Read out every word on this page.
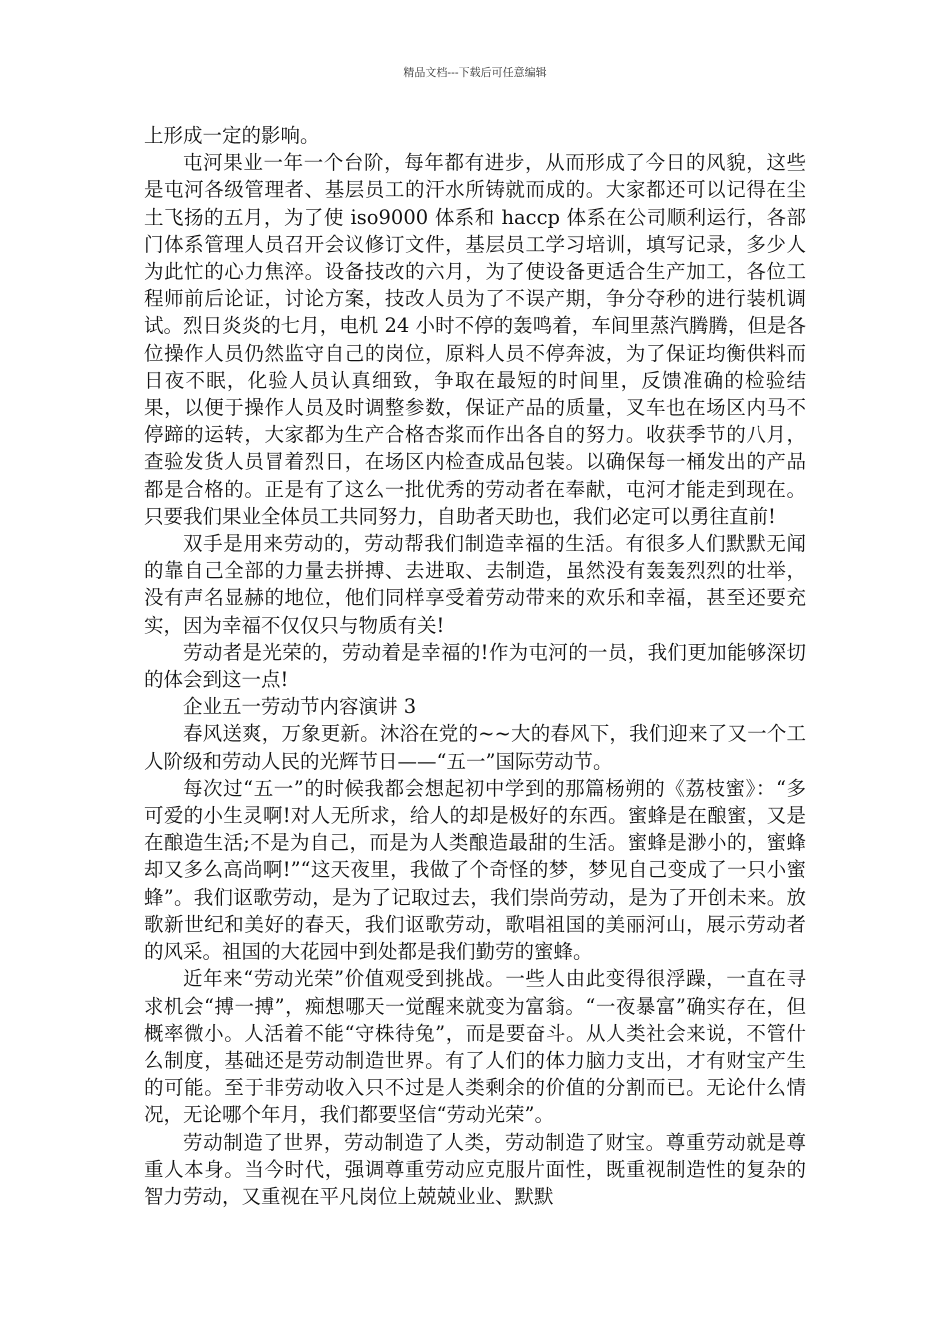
精品文档---下载后可任意编辑

上形成一定的影响。

屯河果业一年一个台阶，每年都有进步，从而形成了今日的风貌，这些是屯河各级管理者、基层员工的汗水所铸就而成的。大家都还可以记得在尘土飞扬的五月，为了使 iso9000 体系和 haccp 体系在公司顺利运行，各部门体系管理人员召开会议修订文件，基层员工学习培训，填写记录，多少人为此忙的心力焦淬。设备技改的六月，为了使设备更适合生产加工，各位工程师前后论证，讨论方案，技改人员为了不误产期，争分夺秒的进行装机调试。烈日炎炎的七月，电机 24 小时不停的轰鸣着，车间里蒸汽腾腾，但是各位操作人员仍然监守自己的岗位，原料人员不停奔波，为了保证均衡供料而日夜不眠，化验人员认真细致，争取在最短的时间里，反馈准确的检验结果，以便于操作人员及时调整参数，保证产品的质量，叉车也在场区内马不停蹄的运转，大家都为生产合格杏浆而作出各自的努力。收获季节的八月，查验发货人员冒着烈日，在场区内检查成品包装。以确保每一桶发出的产品都是合格的。正是有了这么一批优秀的劳动者在奉献，屯河才能走到现在。只要我们果业全体员工共同努力，自助者天助也，我们必定可以勇往直前!

双手是用来劳动的，劳动帮我们制造幸福的生活。有很多人们默默无闻的靠自己全部的力量去拼搏、去进取、去制造，虽然没有轰轰烈烈的壮举，没有声名显赫的地位，他们同样享受着劳动带来的欢乐和幸福，甚至还要充实，因为幸福不仅仅只与物质有关!

劳动者是光荣的，劳动着是幸福的!作为屯河的一员，我们更加能够深切的体会到这一点!

企业五一劳动节内容演讲 3

春风送爽，万象更新。沐浴在党的~~大的春风下，我们迎来了又一个工人阶级和劳动人民的光辉节日——“五一”国际劳动节。

每次过“五一”的时候我都会想起初中学到的那篇杨朔的《荔枝蜜》：“多可爱的小生灵啊!对人无所求，给人的却是极好的东西。蜜蜂是在酿蜜，又是在酿造生活;不是为自己，而是为人类酿造最甜的生活。蜜蜂是渺小的，蜜蜂却又多么高尚啊!”“这天夜里，我做了个奇怪的梦，梦见自己变成了一只小蜜蜂”。我们讴歌劳动，是为了记取过去，我们崇尚劳动，是为了开创未来。放歌新世纪和美好的春天，我们讴歌劳动，歌唱祖国的美丽河山，展示劳动者的风采。祖国的大花园中到处都是我们勤劳的蜜蜂。

近年来“劳动光荣”价值观受到挑战。一些人由此变得很浮躁，一直在寻求机会“搏一搏”，痴想哪天一觉醒来就变为富翁。“一夜暴富”确实存在，但概率微小。人活着不能“守株待兔”，而是要奋斗。从人类社会来说，不管什么制度，基础还是劳动制造世界。有了人们的体力脑力支出，才有财宝产生的可能。至于非劳动收入只不过是人类剩余的价值的分割而已。无论什么情况，无论哪个年月，我们都要坚信“劳动光荣”。

劳动制造了世界，劳动制造了人类，劳动制造了财宝。尊重劳动就是尊重人本身。当今时代，强调尊重劳动应克服片面性，既重视制造性的复杂的智力劳动，又重视在平凡岗位上兢兢业业、默默
